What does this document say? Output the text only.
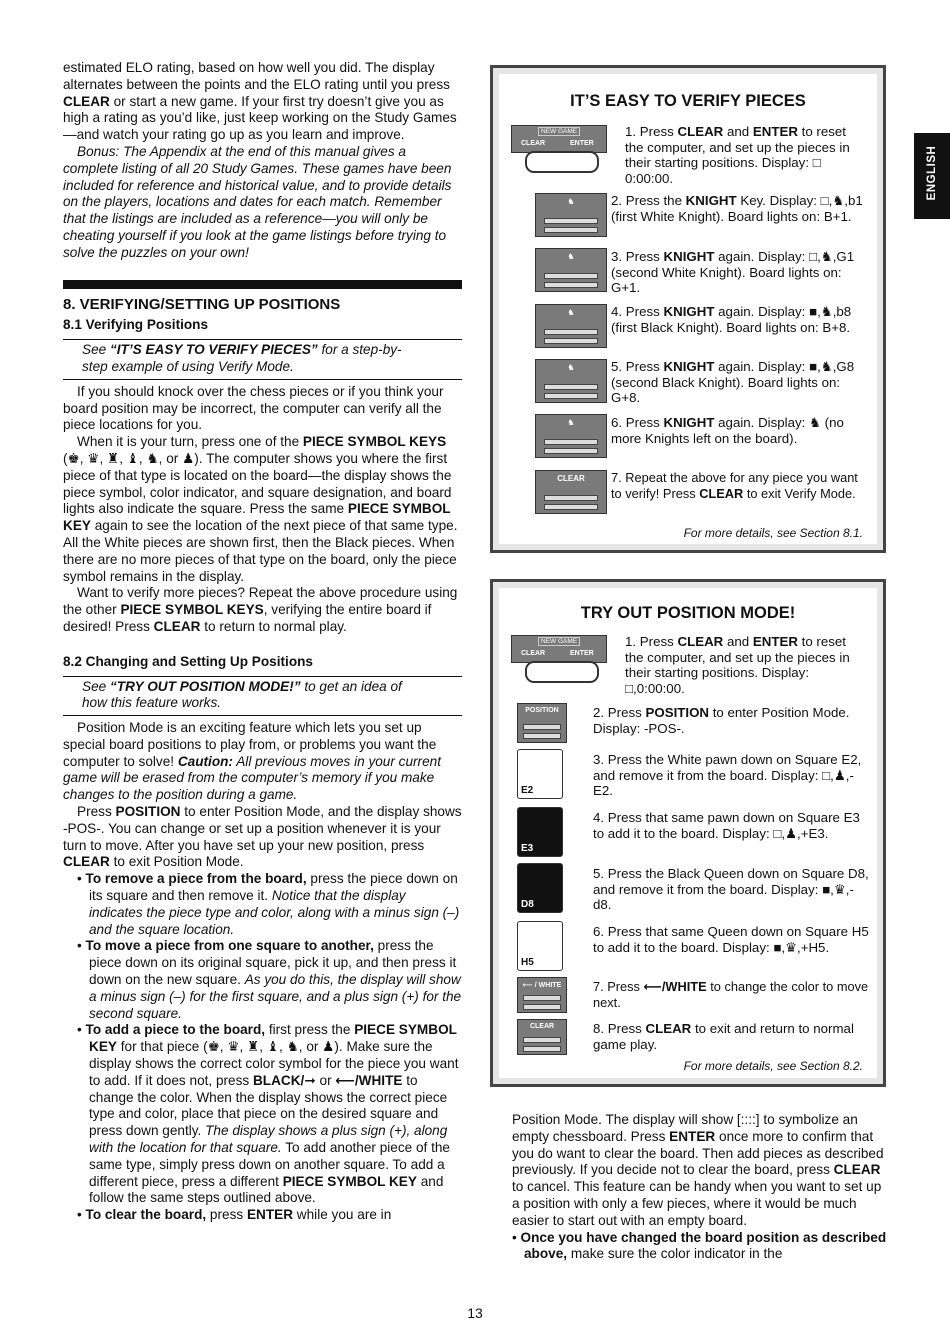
ENGLISH

estimated ELO rating, based on how well you did. The display alternates between the points and the ELO rating until you press CLEAR or start a new game. If your first try doesn’t give you as high a rating as you’d like, just keep working on the Study Games—and watch your rating go up as you learn and improve.

Bonus: The Appendix at the end of this manual gives a complete listing of all 20 Study Games. These games have been included for reference and historical value, and to provide details on the players, locations and dates for each match. Remember that the listings are included as a reference—you will only be cheating yourself if you look at the game listings before trying to solve the puzzles on your own!

8. VERIFYING/SETTING UP POSITIONS
8.1 Verifying Positions
See “IT’S EASY TO VERIFY PIECES” for a step-by-step example of using Verify Mode.

If you should knock over the chess pieces or if you think your board position may be incorrect, the computer can verify all the piece locations for you.

When it is your turn, press one of the PIECE SYMBOL KEYS (♚, ♛, ♜, ♝, ♞, or ♟). The computer shows you where the first piece of that type is located on the board—the display shows the piece symbol, color indicator, and square designation, and board lights also indicate the square. Press the same PIECE SYMBOL KEY again to see the location of the next piece of that same type. All the White pieces are shown first, then the Black pieces. When there are no more pieces of that type on the board, only the piece symbol remains in the display.

Want to verify more pieces? Repeat the above procedure using the other PIECE SYMBOL KEYS, verifying the entire board if desired! Press CLEAR to return to normal play.

8.2 Changing and Setting Up Positions
See “TRY OUT POSITION MODE!” to get an idea of how this feature works.

Position Mode is an exciting feature which lets you set up special board positions to play from, or problems you want the computer to solve! Caution: All previous moves in your current game will be erased from the computer’s memory if you make changes to the position during a game.

Press POSITION to enter Position Mode, and the display shows -POS-. You can change or set up a position whenever it is your turn to move. After you have set up your new position, press CLEAR to exit Position Mode.

• To remove a piece from the board, press the piece down on its square and then remove it. Notice that the display indicates the piece type and color, along with a minus sign (–) and the square location.

• To move a piece from one square to another, press the piece down on its original square, pick it up, and then press it down on the new square. As you do this, the display will show a minus sign (–) for the first square, and a plus sign (+) for the second square.

• To add a piece to the board, first press the PIECE SYMBOL KEY for that piece (♚, ♛, ♜, ♝, ♞, or ♟). Make sure the display shows the correct color symbol for the piece you want to add. If it does not, press BLACK/➞ or ⟵/WHITE to change the color. When the display shows the correct piece type and color, place that piece on the desired square and press down gently. The display shows a plus sign (+), along with the location for that square. To add another piece of the same type, simply press down on another square. To add a different piece, press a different PIECE SYMBOL KEY and follow the same steps outlined above.

• To clear the board, press ENTER while you are in

IT’S EASY TO VERIFY PIECES
NEW GAME
CLEAR	ENTER
1. Press CLEAR and ENTER to reset the computer, and set up the pieces in their starting positions. Display: □ 0:00:00.
♞	2. Press the KNIGHT Key. Display: □,♞,b1 (first White Knight). Board lights on: B+1.
♞	3. Press KNIGHT again. Display: □,♞,G1 (second White Knight). Board lights on: G+1.
♞	4. Press KNIGHT again. Display: ■,♞,b8 (first Black Knight). Board lights on: B+8.
♞	5. Press KNIGHT again. Display: ■,♞,G8 (second Black Knight). Board lights on: G+8.
♞	6. Press KNIGHT again. Display: ♞ (no more Knights left on the board).
CLEAR	7. Repeat the above for any piece you want to verify! Press CLEAR to exit Verify Mode.
For more details, see Section 8.1.
TRY OUT POSITION MODE!
NEW GAME
CLEAR	ENTER
1. Press CLEAR and ENTER to reset the computer, and set up the pieces in their starting positions. Display: □,0:00:00.
POSITION	2. Press POSITION to enter Position Mode. Display: -POS-.
E2
3. Press the White pawn down on Square E2, and remove it from the board. Display: □,♟,-E2.
E3
4. Press that same pawn down on Square E3 to add it to the board. Display: □,♟,+E3.
D8
5. Press the Black Queen down on Square D8, and remove it from the board. Display: ■,♛,-d8.
H5
6. Press that same Queen down on Square H5 to add it to the board. Display: ■,♛,+H5.
⟵ / WHITE	7. Press ⟵/WHITE to change the color to move next.
CLEAR	8. Press CLEAR to exit and return to normal game play.
For more details, see Section 8.2.

Position Mode. The display will show [::::] to symbolize an empty chessboard. Press ENTER once more to confirm that you do want to clear the board. Then add pieces as described previously. If you decide not to clear the board, press CLEAR to cancel. This feature can be handy when you want to set up a position with only a few pieces, where it would be much easier to start out with an empty board.

• Once you have changed the board position as described above, make sure the color indicator in the

13
